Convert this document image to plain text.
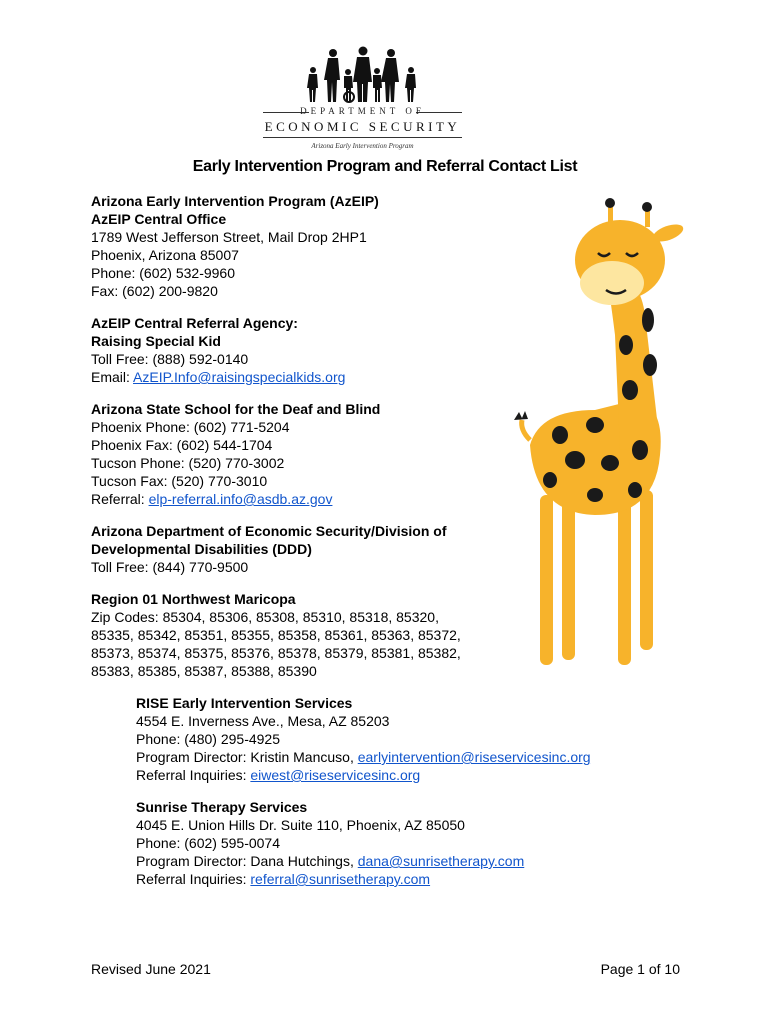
DEPARTMENT OF
ECONOMIC SECURITY
Arizona Early Intervention Program
Early Intervention Program and Referral Contact List

Arizona Early Intervention Program (AzEIP)
AzEIP Central Office
1789 West Jefferson Street, Mail Drop 2HP1
Phoenix, Arizona 85007
Phone: (602) 532-9960
Fax: (602) 200-9820

AzEIP Central Referral Agency:
Raising Special Kid
Toll Free: (888) 592-0140
Email: AzEIP.Info@raisingspecialkids.org

Arizona State School for the Deaf and Blind
Phoenix Phone: (602) 771-5204
Phoenix Fax: (602) 544-1704
Tucson Phone: (520) 770-3002
Tucson Fax: (520) 770-3010
Referral: elp-referral.info@asdb.az.gov

Arizona Department of Economic Security/Division of
Developmental Disabilities (DDD)
Toll Free: (844) 770-9500

Region 01 Northwest Maricopa
Zip Codes: 85304, 85306, 85308, 85310, 85318, 85320,
85335, 85342, 85351, 85355, 85358, 85361, 85363, 85372,
85373, 85374, 85375, 85376, 85378, 85379, 85381, 85382,
85383, 85385, 85387, 85388, 85390

RISE Early Intervention Services
4554 E. Inverness Ave., Mesa, AZ 85203
Phone: (480) 295-4925
Program Director: Kristin Mancuso, earlyintervention@riseservicesinc.org
Referral Inquiries: eiwest@riseservicesinc.org

Sunrise Therapy Services
4045 E. Union Hills Dr. Suite 110, Phoenix, AZ 85050
Phone: (602) 595-0074
Program Director: Dana Hutchings, dana@sunrisetherapy.com
Referral Inquiries: referral@sunrisetherapy.com

Revised June 2021	Page 1 of 10
